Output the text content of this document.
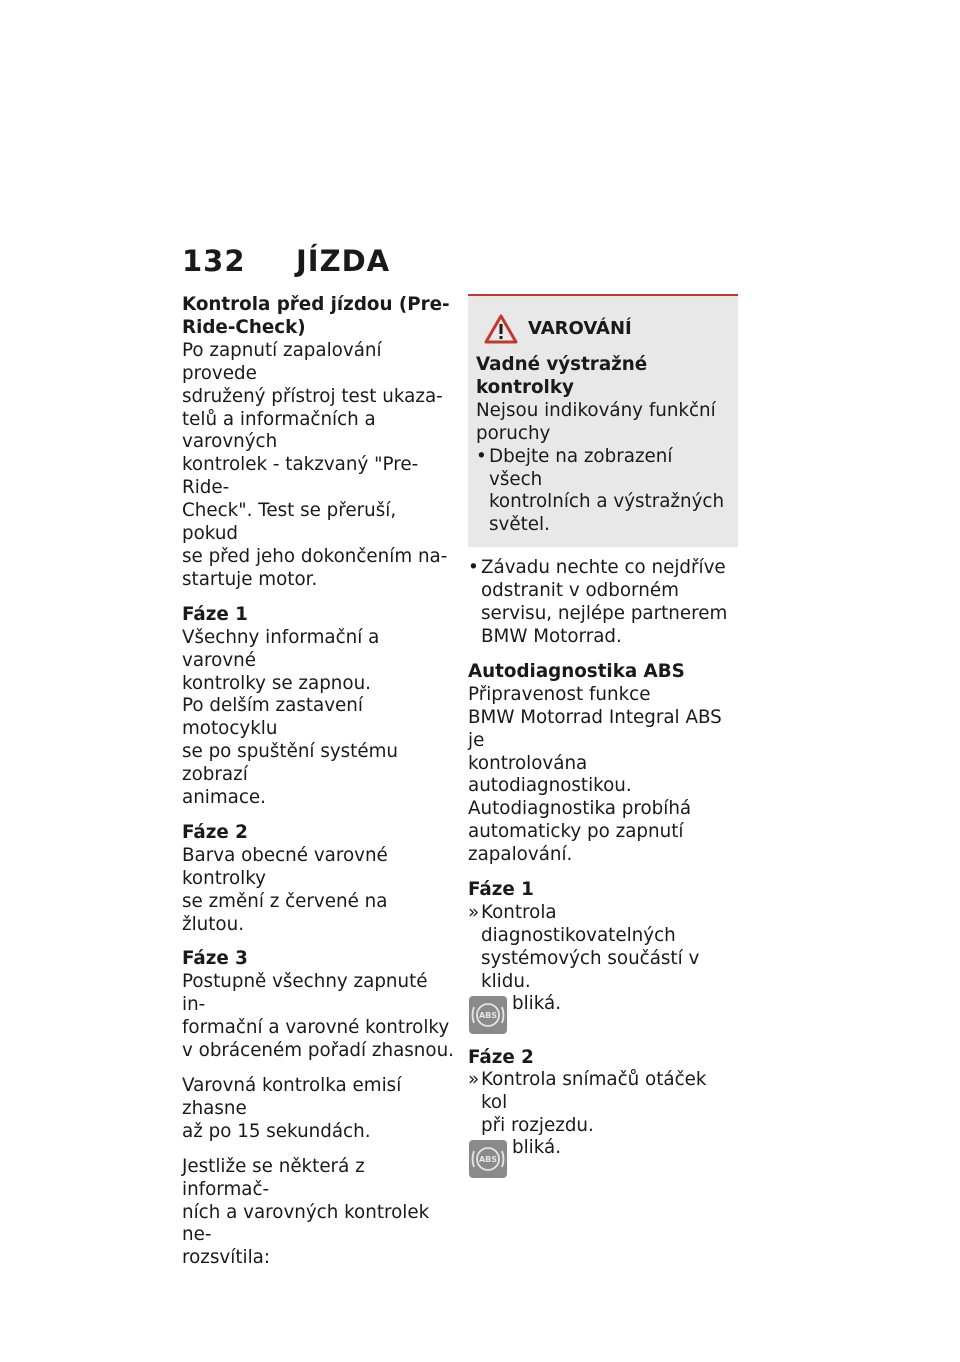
132 JÍZDA
Kontrola před jízdou (Pre-Ride-Check)
Po zapnutí zapalování provede
sdružený přístroj test ukaza-
telů a informačních a varovných
kontrolek - takzvaný "Pre-Ride-
Check". Test se přeruší, pokud
se před jeho dokončením na-
startuje motor.
Fáze 1
Všechny informační a varovné
kontrolky se zapnou.
Po delším zastavení motocyklu
se po spuštění systému zobrazí
animace.
Fáze 2
Barva obecné varovné kontrolky
se změní z červené na žlutou.
Fáze 3
Postupně všechny zapnuté in-
formační a varovné kontrolky
v obráceném pořadí zhasnou.
Varovná kontrolka emisí zhasne
až po 15 sekundách.
Jestliže se některá z informač-
ních a varovných kontrolek ne-
rozsvítila:
VAROVÁNÍ
Vadné výstražné kontrolky
Nejsou indikovány funkční
poruchy
• Dbejte na zobrazení všech
kontrolních a výstražných
světel.
• Závadu nechte co nejdříve
odstranit v odborném
servisu, nejlépe partnerem
BMW Motorrad.
Autodiagnostika ABS
Připravenost funkce
BMW Motorrad Integral ABS je
kontrolována autodiagnostikou.
Autodiagnostika probíhá
automaticky po zapnutí
zapalování.
Fáze 1
» Kontrola diagnostikovatelných
systémových součástí v klidu.
ABS
bliká.
Fáze 2
» Kontrola snímačů otáček kol
při rozjezdu.
ABS
bliká.
